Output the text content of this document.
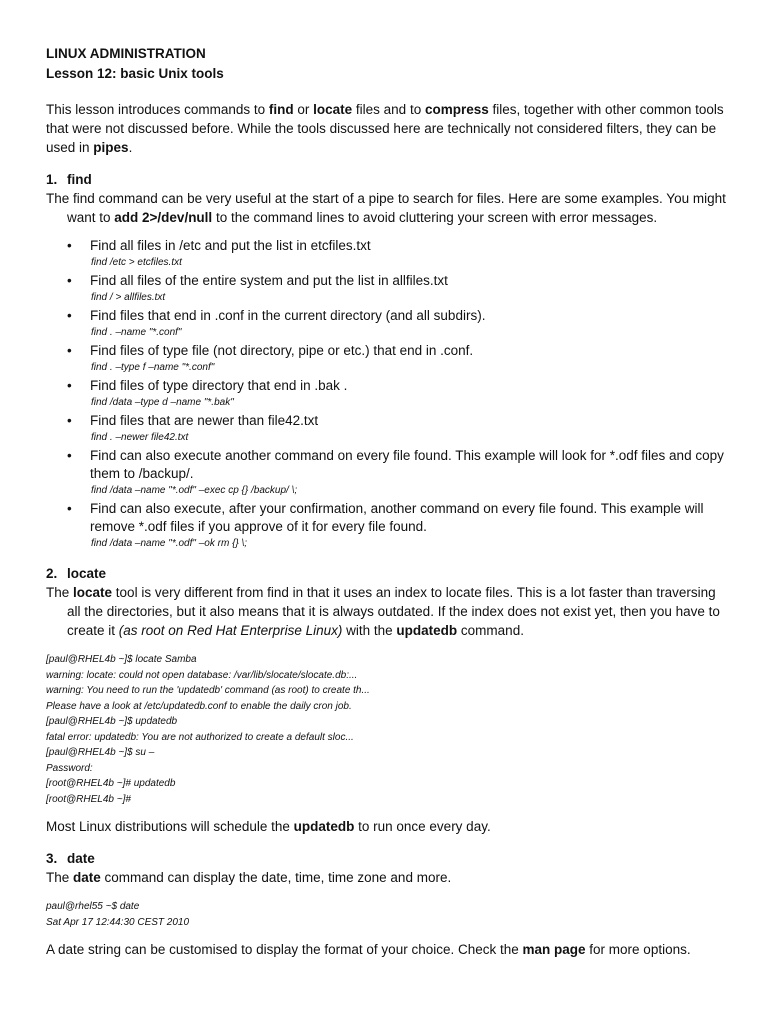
LINUX ADMINISTRATION

Lesson 12: basic Unix tools

This lesson introduces commands to find or locate files and to compress files, together with other common tools that were not discussed before. While the tools discussed here are technically not considered filters, they can be used in pipes.

1. find

The find command can be very useful at the start of a pipe to search for files. Here are some examples. You might want to add 2>/dev/null to the command lines to avoid cluttering your screen with error messages.

• Find all files in /etc and put the list in etcfiles.txt
find /etc > etcfiles.txt
• Find all files of the entire system and put the list in allfiles.txt
find / > allfiles.txt
• Find files that end in .conf in the current directory (and all subdirs).
find . –name "*.conf"
• Find files of type file (not directory, pipe or etc.) that end in .conf.
find . –type f –name "*.conf"
• Find files of type directory that end in .bak .
find /data –type d –name "*.bak"
• Find files that are newer than file42.txt
find . –newer file42.txt
• Find can also execute another command on every file found. This example will look for *.odf files and copy them to /backup/.
find /data –name "*.odf" –exec cp {} /backup/ \;
• Find can also execute, after your confirmation, another command on every file found. This example will remove *.odf files if you approve of it for every file found.
find /data –name "*.odf" –ok rm {} \;
2. locate

The locate tool is very different from find in that it uses an index to locate files. This is a lot faster than traversing all the directories, but it also means that it is always outdated. If the index does not exist yet, then you have to create it (as root on Red Hat Enterprise Linux) with the updatedb command.

[paul@RHEL4b ~]$ locate Samba
warning: locate: could not open database: /var/lib/slocate/slocate.db:...
warning: You need to run the 'updatedb' command (as root) to create th...
Please have a look at /etc/updatedb.conf to enable the daily cron job.
[paul@RHEL4b ~]$ updatedb
fatal error: updatedb: You are not authorized to create a default sloc...
[paul@RHEL4b ~]$ su –
Password:
[root@RHEL4b ~]# updatedb
[root@RHEL4b ~]#

Most Linux distributions will schedule the updatedb to run once every day.

3. date

The date command can display the date, time, time zone and more.

paul@rhel55 ~$ date
Sat Apr 17 12:44:30 CEST 2010

A date string can be customised to display the format of your choice. Check the man page for more options.
